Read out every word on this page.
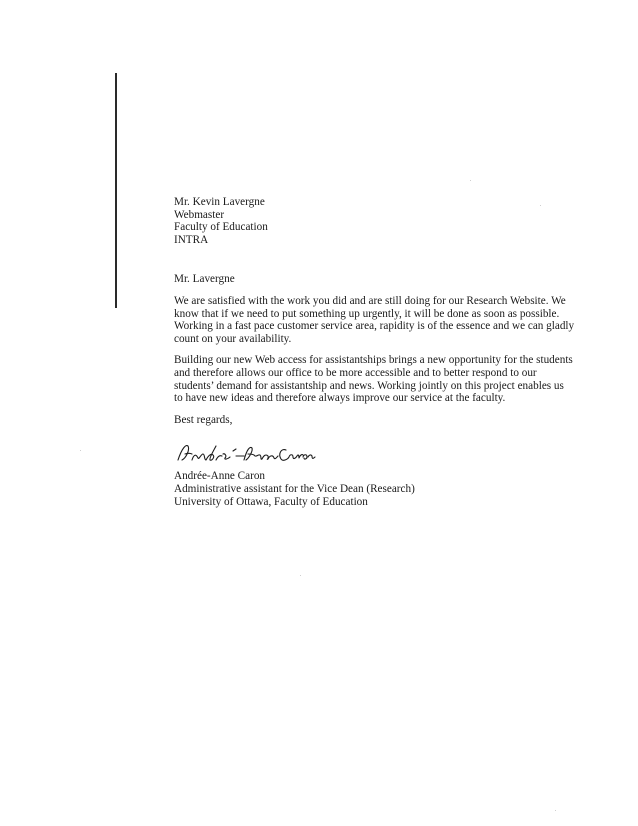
Mr. Kevin Lavergne
Webmaster
Faculty of Education
INTRA
Mr. Lavergne
We are satisfied with the work you did and are still doing for our Research Website. We
know that if we need to put something up urgently, it will be done as soon as possible.
Working in a fast pace customer service area, rapidity is of the essence and we can gladly
count on your availability.
Building our new Web access for assistantships brings a new opportunity for the students
and therefore allows our office to be more accessible and to better respond to our
students’ demand for assistantship and news. Working jointly on this project enables us
to have new ideas and therefore always improve our service at the faculty.
Best regards,
Andrée-Anne Caron
Administrative assistant for the Vice Dean (Research)
University of Ottawa, Faculty of Education
